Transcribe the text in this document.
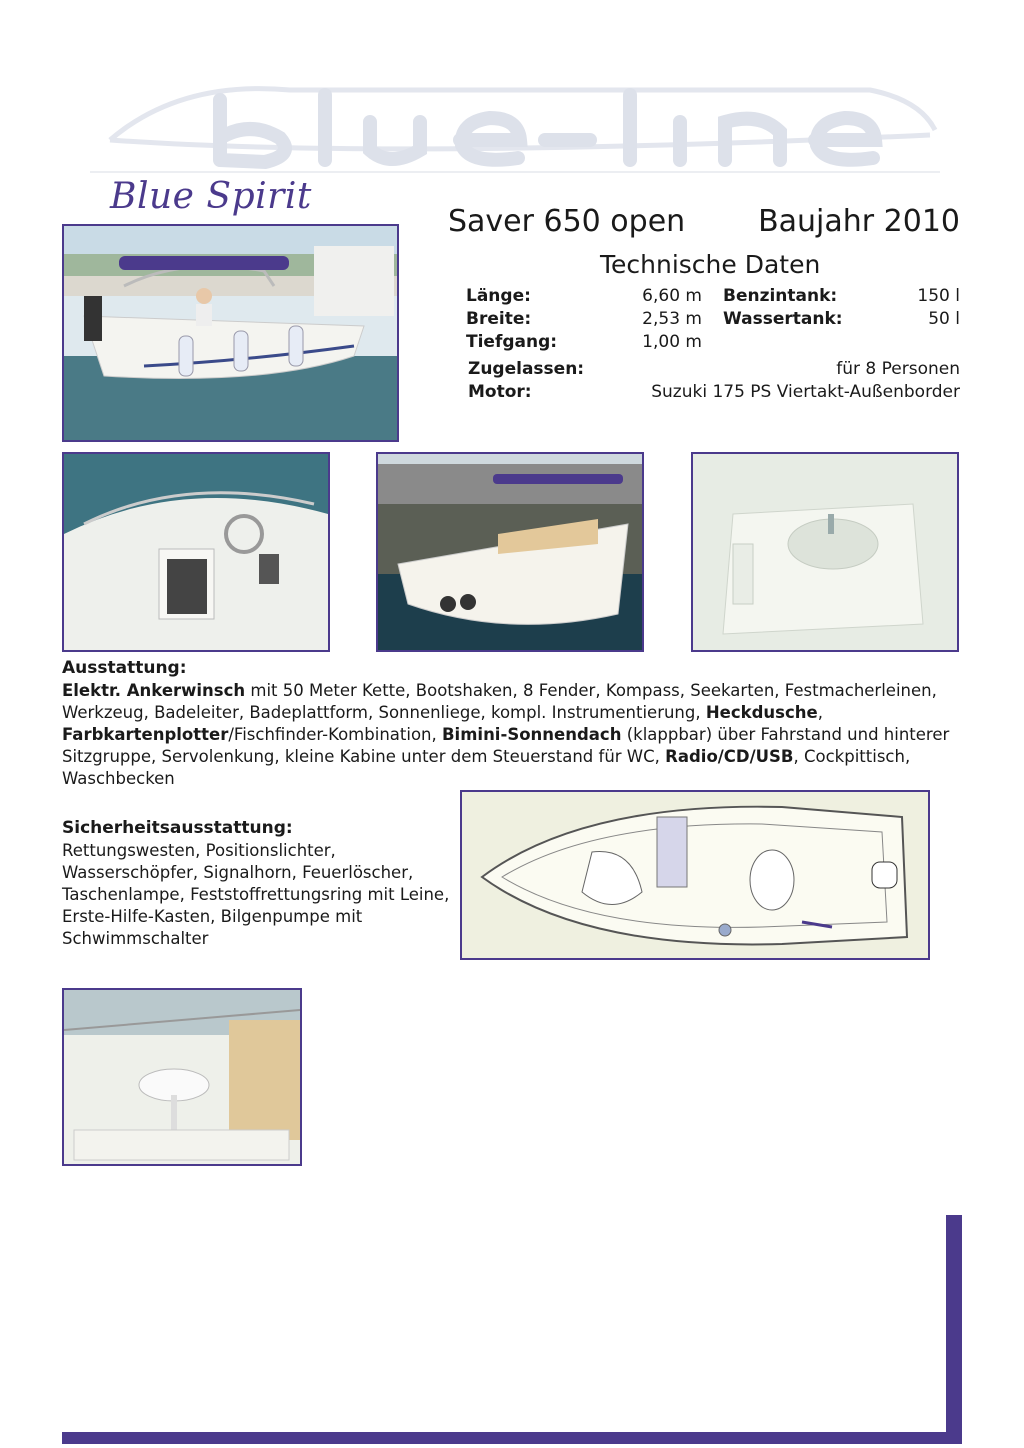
Blue Spirit
Saver 650 open Baujahr 2010
Technische Daten
Länge:	6,60 m Benzintank:	150 l
Breite:	2,53 m Wassertank:	50 l
Tiefgang:	1,00 m
Zugelassen:	für 8 Personen
Motor:	Suzuki 175 PS Viertakt-Außenborder
Ausstattung:
Elektr. Ankerwinsch mit 50 Meter Kette, Bootshaken, 8 Fender, Kompass, Seekarten, Festmacherleinen, Werkzeug, Badeleiter, Badeplattform, Sonnenliege, kompl. Instrumentierung, Heckdusche, Farbkartenplotter/Fischfinder-Kombination, Bimini-Sonnendach (klappbar) über Fahrstand und hinterer Sitzgruppe, Servolenkung, kleine Kabine unter dem Steuerstand für WC, Radio/CD/USB, Cockpittisch, Waschbecken
Sicherheitsausstattung:
Rettungswesten, Positionslichter, Wasserschöpfer, Signalhorn, Feuerlöscher, Taschenlampe, Feststoffrettungsring mit Leine, Erste-Hilfe-Kasten, Bilgenpumpe mit Schwimmschalter
